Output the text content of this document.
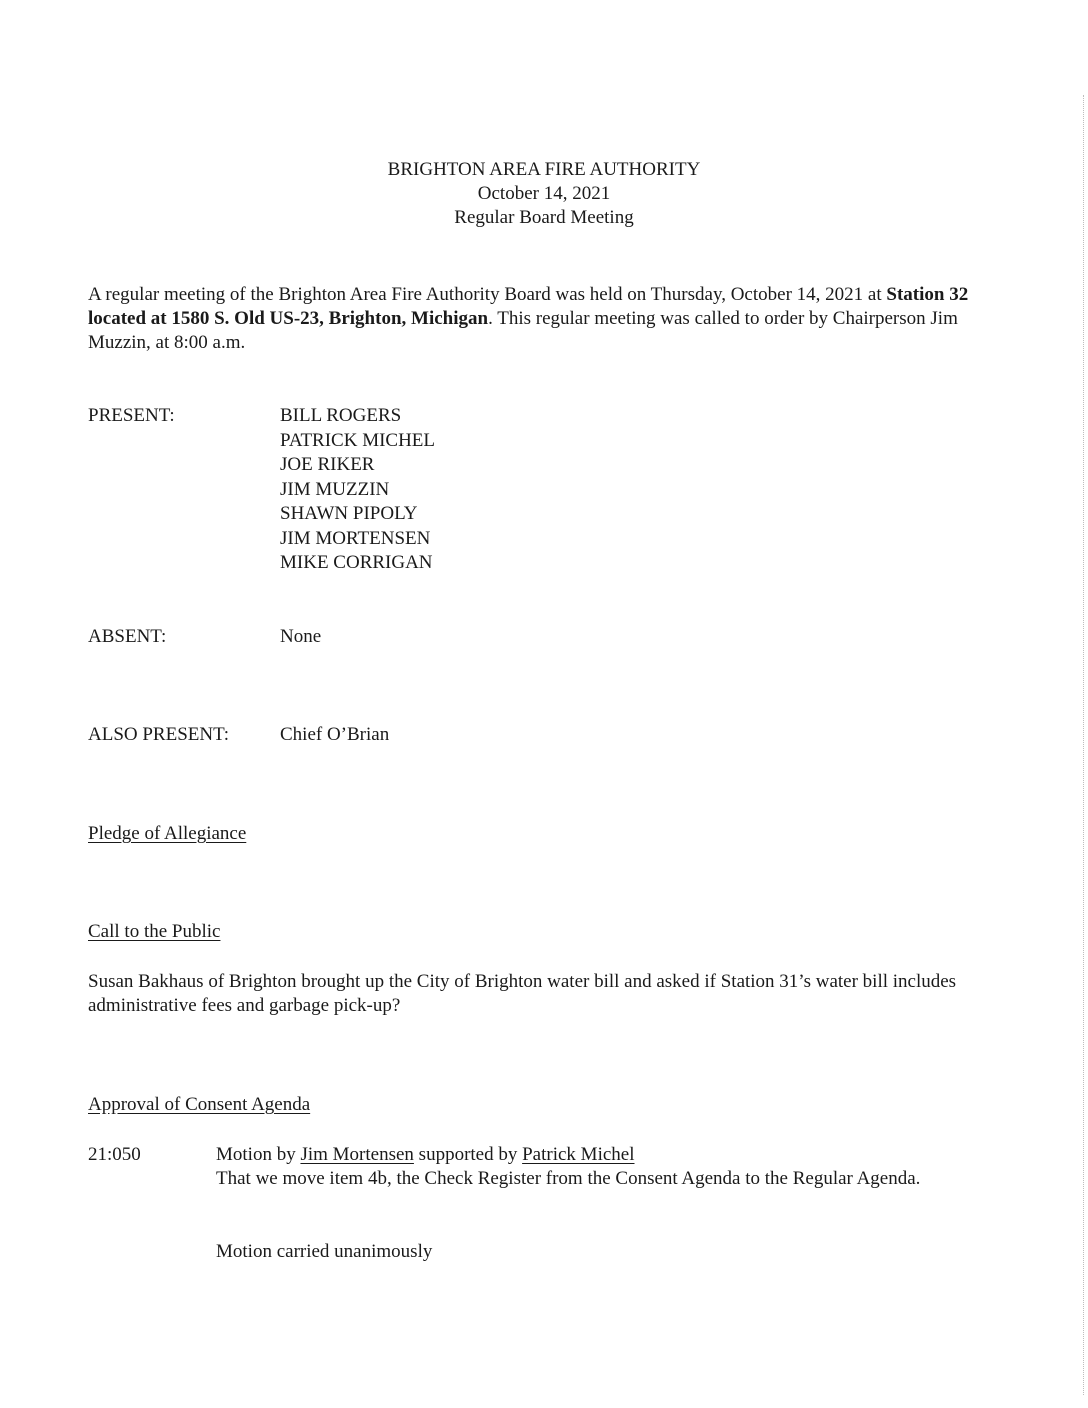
BRIGHTON AREA FIRE AUTHORITY
October 14, 2021
Regular Board Meeting
A regular meeting of the Brighton Area Fire Authority Board was held on Thursday, October 14, 2021 at Station 32 located at 1580 S. Old US-23, Brighton, Michigan. This regular meeting was called to order by Chairperson Jim Muzzin, at 8:00 a.m.
PRESENT:	BILL ROGERS
PATRICK MICHEL
JOE RIKER
JIM MUZZIN
SHAWN PIPOLY
JIM MORTENSEN
MIKE CORRIGAN
ABSENT:	None
ALSO PRESENT:	Chief O’Brian
Pledge of Allegiance
Call to the Public
Susan Bakhaus of Brighton brought up the City of Brighton water bill and asked if Station 31’s water bill includes administrative fees and garbage pick-up?
Approval of Consent Agenda
21:050	Motion by Jim Mortensen supported by Patrick Michel
That we move item 4b, the Check Register from the Consent Agenda to the Regular Agenda.
Motion carried unanimously
